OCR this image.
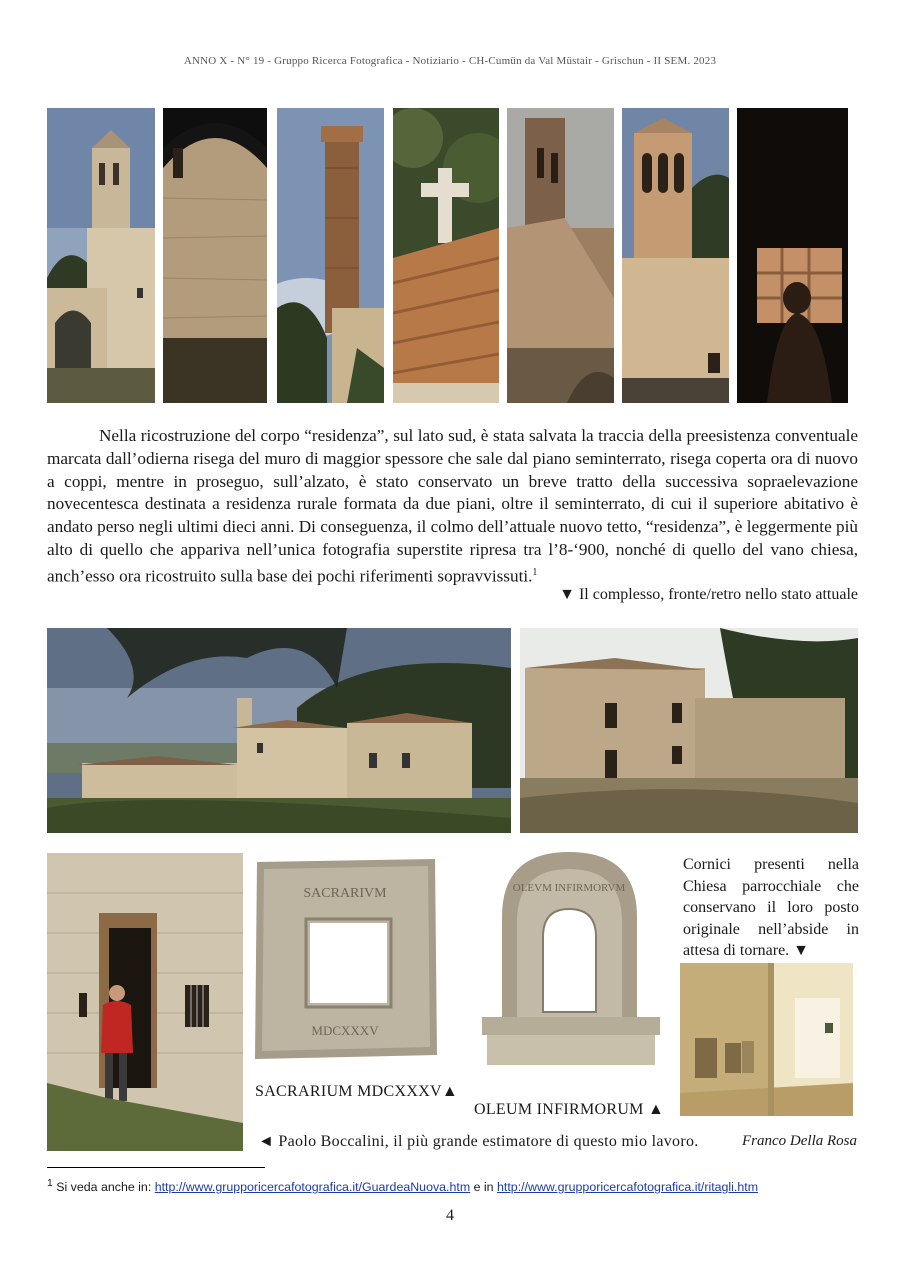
ANNO X - N° 19 - Gruppo Ricerca Fotografica - Notiziario - CH-Cumün da Val Müstair - Grischun - II SEM. 2023
Nella ricostruzione del corpo “residenza”, sul lato sud, è stata salvata la traccia della preesistenza conventuale marcata dall’odierna risega del muro di maggior spessore che sale dal piano seminterrato, risega coperta ora di nuovo a coppi, mentre in proseguo, sull’alzato, è stato conservato un breve tratto della successiva sopraelevazione novecentesca destinata a residenza rurale formata da due piani, oltre il seminterrato, di cui il superiore abitativo è andato perso negli ultimi dieci anni. Di conseguenza, il colmo dell’attuale nuovo tetto, “residenza”, è leggermente più alto di quello che appariva nell’unica fotografia superstite ripresa tra l’8-‘900, nonché di quello del vano chiesa, anch’esso ora ricostruito sulla base dei pochi riferimenti sopravvissuti.$^1$
▼ Il complesso, fronte/retro nello stato attuale
SACRARIVM
MDCXXXV
OLEVM INFIRMORVM
Cornici presenti nella Chiesa parrocchiale che conservano il loro posto originale nell’abside in attesa di tornare. ▼
SACRARIUM MDCXXXV▲
OLEUM INFIRMORUM ▲
◄ Paolo Boccalini, il più grande estimatore di questo mio lavoro.	Franco Della Rosa
$^1$ Si veda anche in: http://www.grupporicercafotografica.it/GuardeaNuova.htm e in http://www.grupporicercafotografica.it/ritagli.htm
4
